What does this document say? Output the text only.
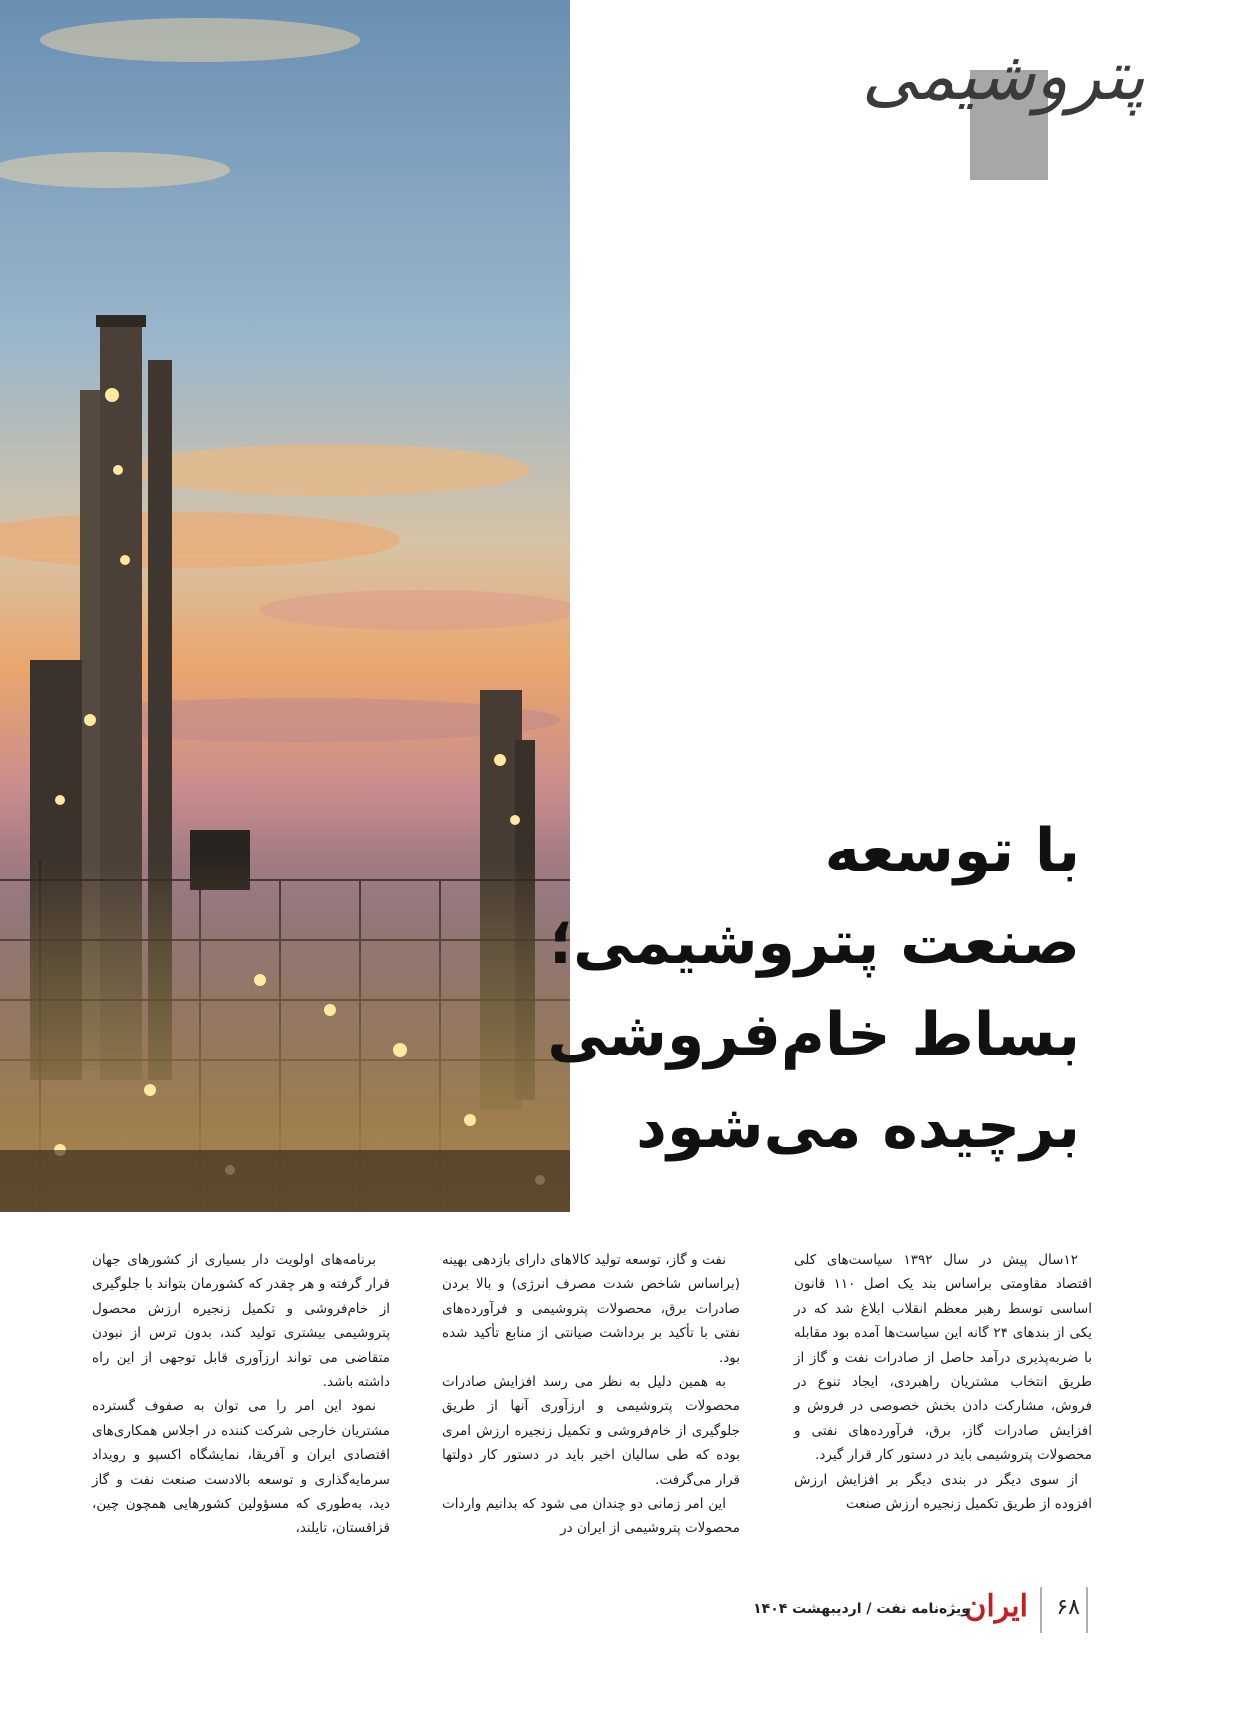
پتروشیمی
با توسعه
صنعت پتروشیمی؛
بساط خام‌فروشی
برچیده می‌شود

۱۲سال پیش در سال ۱۳۹۲ سیاست‌های کلی اقتصاد مقاومتی براساس بند یک اصل ۱۱۰ قانون اساسی توسط رهبر معظم انقلاب ابلاغ شد که در یکی از بندهای ۲۴ گانه این سیاست‌ها آمده بود مقابله با ضربه‌پذیری درآمد حاصل از صادرات نفت و گاز از طریق انتخاب مشتریان راهبردی، ایجاد تنوع در فروش، مشارکت دادن بخش خصوصی در فروش و افزایش صادرات گاز، برق، فرآورده‌های نفتی و محصولات پتروشیمی باید در دستور کار قرار گیرد.

از سوی دیگر در بندی دیگر بر افزایش ارزش افزوده از طریق تکمیل زنجیره ارزش صنعت

نفت و گاز، توسعه تولید کالاهای دارای بازدهی بهینه (براساس شاخص شدت مصرف انرژی) و بالا بردن صادرات برق، محصولات پتروشیمی و فرآورده‌های نفتی با تأکید بر برداشت صیانتی از منابع تأکید شده بود.

به همین دلیل به نظر می رسد افزایش صادرات محصولات پتروشیمی و ارزآوری آنها از طریق جلوگیری از خام‌فروشی و تکمیل زنجیره ارزش امری بوده که طی سالیان اخیر باید در دستور کار دولتها قرار می‌گرفت.

این امر زمانی دو چندان می شود که بدانیم واردات محصولات پتروشیمی از ایران در

برنامه‌های اولویت دار بسیاری از کشورهای جهان قرار گرفته و هر چقدر که کشورمان بتواند با جلوگیری از خام‌فروشی و تکمیل زنجیره ارزش محصول پتروشیمی بیشتری تولید کند، بدون ترس از نبودن متقاضی می تواند ارزآوری قابل توجهی از این راه داشته باشد.

نمود این امر را می توان به صفوف گسترده مشتریان خارجی شرکت کننده در اجلاس همکاری‌های اقتصادی ایران و آفریقا، نمایشگاه اکسپو و رویداد سرمایه‌گذاری و توسعه بالادست صنعت نفت و گاز دید، به‌طوری که مسؤولین کشورهایی همچون چین، قزاقستان، تایلند،

۶۸
ایران
ویژه‌نامه نفت / اردیبهشت ۱۴۰۴
